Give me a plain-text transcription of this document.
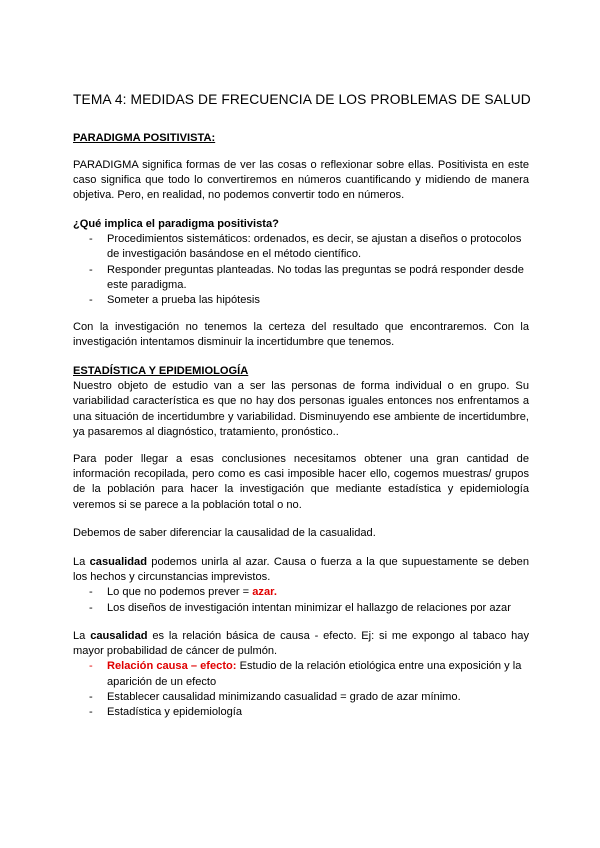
TEMA 4: MEDIDAS DE FRECUENCIA DE LOS PROBLEMAS DE SALUD
PARADIGMA POSITIVISTA:

PARADIGMA significa formas de ver las cosas o reflexionar sobre ellas. Positivista en este caso significa que todo lo convertiremos en números cuantificando y midiendo de manera objetiva. Pero, en realidad, no podemos convertir todo en números.

¿Qué implica el paradigma positivista?
- Procedimientos sistemáticos: ordenados, es decir, se ajustan a diseños o protocolos de investigación basándose en el método científico.
- Responder preguntas planteadas. No todas las preguntas se podrá responder desde este paradigma.
- Someter a prueba las hipótesis

Con la investigación no tenemos la certeza del resultado que encontraremos. Con la investigación intentamos disminuir la incertidumbre que tenemos.

ESTADÍSTICA Y EPIDEMIOLOGÍA

Nuestro objeto de estudio van a ser las personas de forma individual o en grupo. Su variabilidad característica es que no hay dos personas iguales entonces nos enfrentamos a una situación de incertidumbre y variabilidad. Disminuyendo ese ambiente de incertidumbre, ya pasaremos al diagnóstico, tratamiento, pronóstico..

Para poder llegar a esas conclusiones necesitamos obtener una gran cantidad de información recopilada, pero como es casi imposible hacer ello, cogemos muestras/ grupos de la población para hacer la investigación que mediante estadística y epidemiología veremos si se parece a la población total o no.

Debemos de saber diferenciar la causalidad de la casualidad.

La casualidad podemos unirla al azar. Causa o fuerza a la que supuestamente se deben los hechos y circunstancias imprevistos.

- Lo que no podemos prever = azar.
- Los diseños de investigación intentan minimizar el hallazgo de relaciones por azar

La causalidad es la relación básica de causa - efecto. Ej: si me expongo al tabaco hay mayor probabilidad de cáncer de pulmón.

- Relación causa – efecto: Estudio de la relación etiológica entre una exposición y la aparición de un efecto
- Establecer causalidad minimizando casualidad = grado de azar mínimo.
- Estadística y epidemiología
